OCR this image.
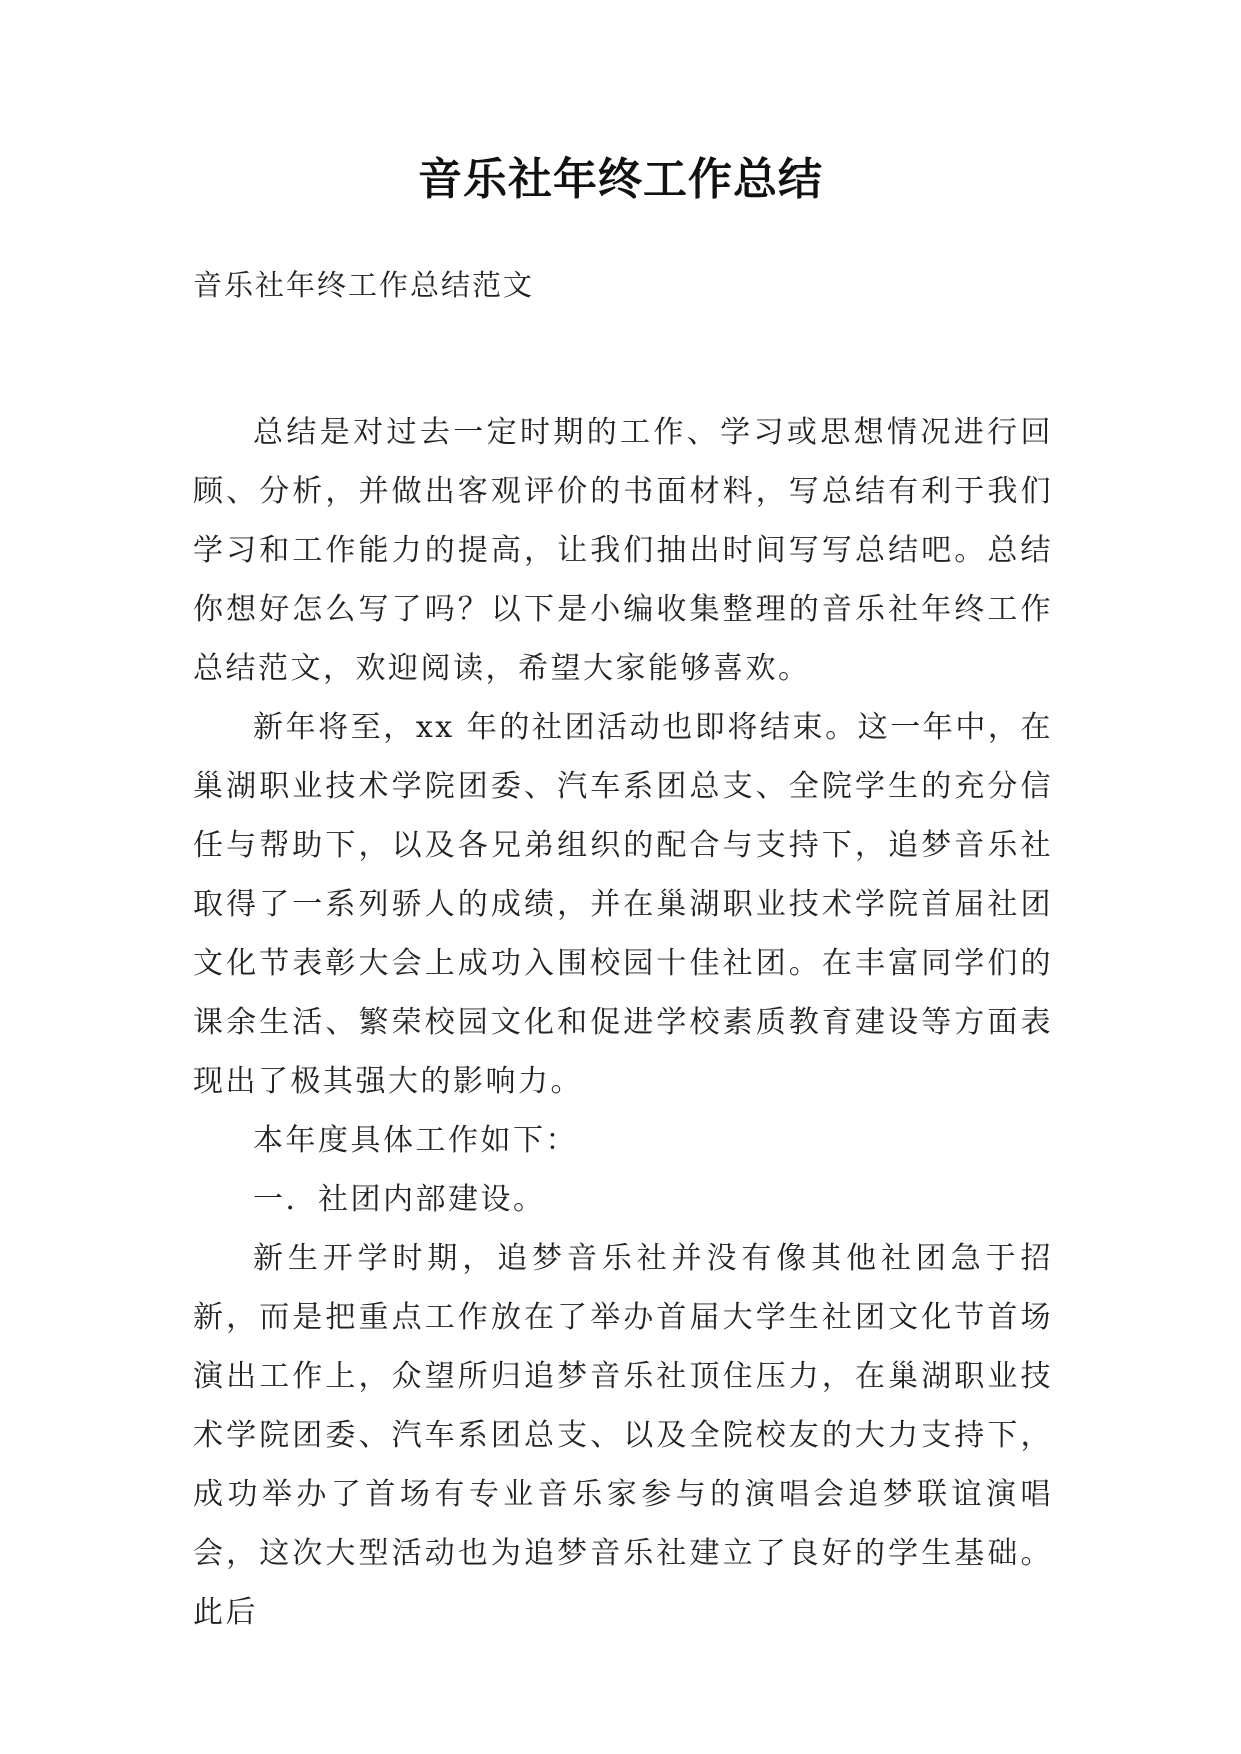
音乐社年终工作总结
音乐社年终工作总结范文

总结是对过去一定时期的工作、学习或思想情况进行回顾、分析，并做出客观评价的书面材料，写总结有利于我们学习和工作能力的提高，让我们抽出时间写写总结吧。总结你想好怎么写了吗？以下是小编收集整理的音乐社年终工作总结范文，欢迎阅读，希望大家能够喜欢。

新年将至，xx 年的社团活动也即将结束。这一年中，在巢湖职业技术学院团委、汽车系团总支、全院学生的充分信任与帮助下，以及各兄弟组织的配合与支持下，追梦音乐社取得了一系列骄人的成绩，并在巢湖职业技术学院首届社团文化节表彰大会上成功入围校园十佳社团。在丰富同学们的课余生活、繁荣校园文化和促进学校素质教育建设等方面表现出了极其强大的影响力。

本年度具体工作如下：

一．社团内部建设。

新生开学时期，追梦音乐社并没有像其他社团急于招新，而是把重点工作放在了举办首届大学生社团文化节首场演出工作上，众望所归追梦音乐社顶住压力，在巢湖职业技术学院团委、汽车系团总支、以及全院校友的大力支持下，成功举办了首场有专业音乐家参与的演唱会追梦联谊演唱会，这次大型活动也为追梦音乐社建立了良好的学生基础。此后
